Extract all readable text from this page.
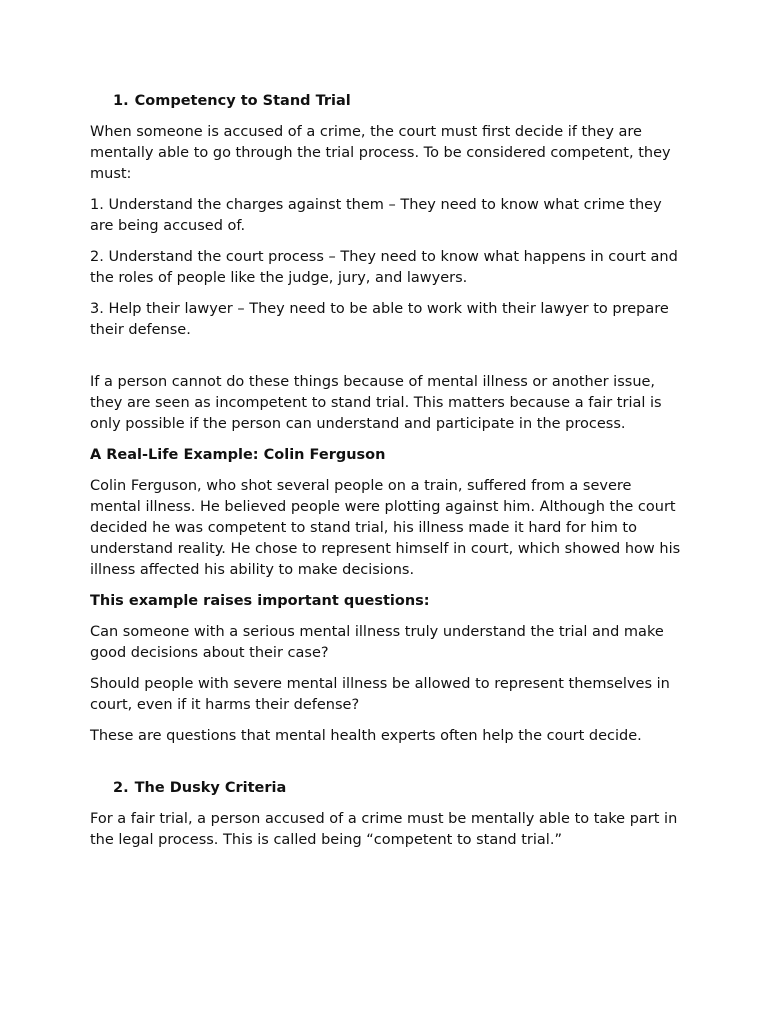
1. Competency to Stand Trial

When someone is accused of a crime, the court must first decide if they are mentally able to go through the trial process. To be considered competent, they must:

1. Understand the charges against them – They need to know what crime they are being accused of.

2. Understand the court process – They need to know what happens in court and the roles of people like the judge, jury, and lawyers.

3. Help their lawyer – They need to be able to work with their lawyer to prepare their defense.

If a person cannot do these things because of mental illness or another issue, they are seen as incompetent to stand trial. This matters because a fair trial is only possible if the person can understand and participate in the process.

A Real-Life Example: Colin Ferguson

Colin Ferguson, who shot several people on a train, suffered from a severe mental illness. He believed people were plotting against him. Although the court decided he was competent to stand trial, his illness made it hard for him to understand reality. He chose to represent himself in court, which showed how his illness affected his ability to make decisions.

This example raises important questions:

Can someone with a serious mental illness truly understand the trial and make good decisions about their case?

Should people with severe mental illness be allowed to represent themselves in court, even if it harms their defense?

These are questions that mental health experts often help the court decide.

2. The Dusky Criteria

For a fair trial, a person accused of a crime must be mentally able to take part in the legal process. This is called being “competent to stand trial.”
